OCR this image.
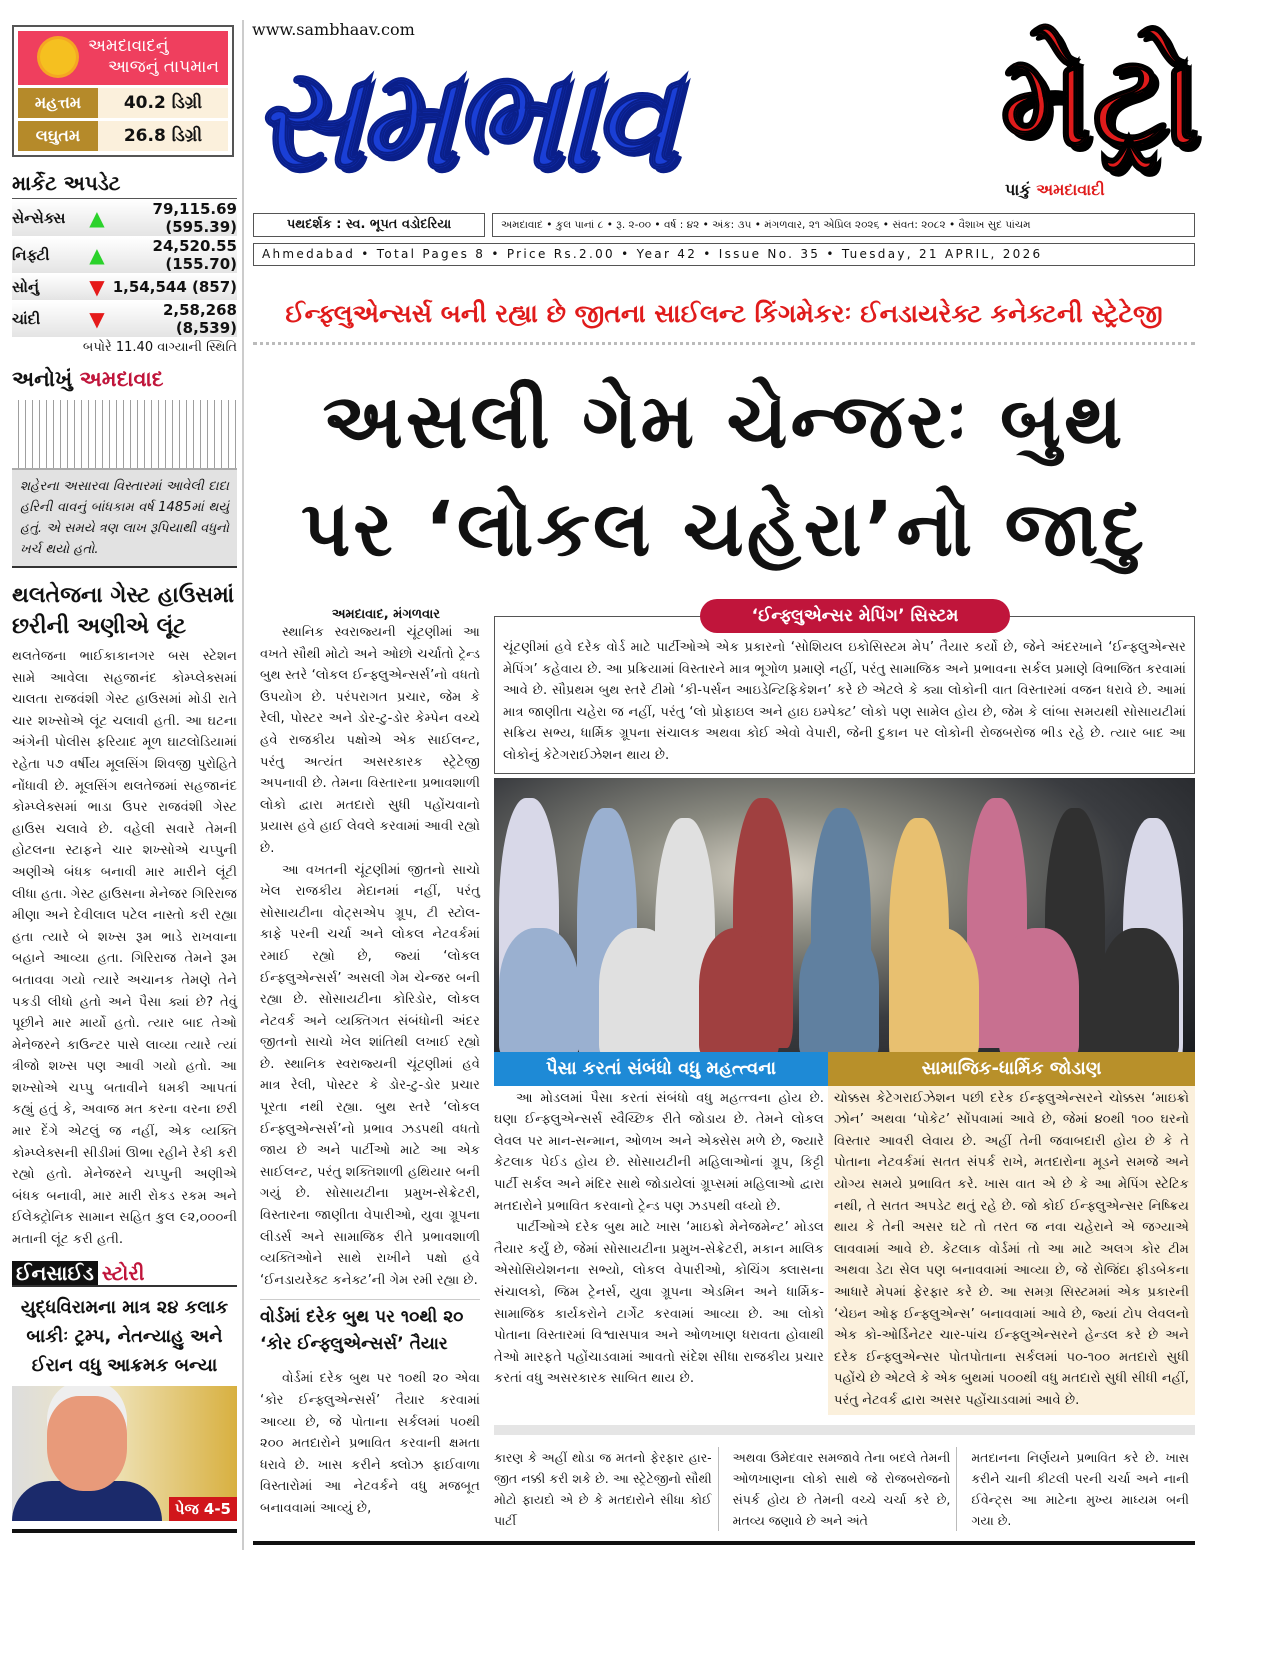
અમદાવાદનું
આજનું તાપમાન
મહત્તમ	40.2 ડિગ્રી
લઘુતમ	26.8 ડિગ્રી
માર્કેટ અપડેટ
સેન્સેક્સ	▲	79,115.69 (595.39)
નિફ્ટી	▲	24,520.55 (155.70)
સોનું	▼ 1,54,544 (857)
ચાંદી	▼	2,58,268 (8,539)
બપોરે 11.40 વાગ્યાની સ્થિતિ
અનોખું અમદાવાદ
શહેરના અસારવા વિસ્તારમાં આવેલી દાદા હરિની વાવનું બાંધકામ વર્ષ 1485માં થયું હતું. એ સમયે ત્રણ લાખ રૂપિયાથી વધુનો ખર્ચ થયો હતો.
થલતેજના ગેસ્ટ હાઉસમાં છરીની અણીએ લૂંટ

થલતેજના ભાઈકાકાનગર બસ સ્ટેશન સામે આવેલા સહજાનંદ કોમ્પ્લેક્સમાં ચાલતા રાજવંશી ગેસ્ટ હાઉસમાં મોડી રાતે ચાર શખ્સોએ લૂંટ ચલાવી હતી. આ ઘટના અંગેની પોલીસ ફરિયાદ મૂળ ઘાટલોડિયામાં રહેતા ૫૭ વર્ષીય મૂલસિંગ શિવજી પુરોહિતે નોંધાવી છે. મૂલસિંગ થલતેજમાં સહજાનંદ કોમ્પ્લેક્સમાં ભાડા ઉપર રાજવંશી ગેસ્ટ હાઉસ ચલાવે છે. વહેલી સવારે તેમની હોટલના સ્ટાફને ચાર શખ્સોએ ચપ્પુની અણીએ બંધક બનાવી માર મારીને લૂંટી લીધા હતા. ગેસ્ટ હાઉસના મેનેજર ગિરિરાજ મીણા અને દેવીલાલ પટેલ નાસ્તો કરી રહ્યા હતા ત્યારે બે શખ્સ રૂમ ભાડે રાખવાના બહાને આવ્યા હતા. ગિરિરાજ તેમને રૂમ બતાવવા ગયો ત્યારે અચાનક તેમણે તેને પકડી લીધો હતો અને પૈસા ક્યાં છે? તેવું પૂછીને માર માર્યો હતો. ત્યાર બાદ તેઓ મેનેજરને કાઉન્ટર પાસે લાવ્યા ત્યારે ત્યાં ત્રીજો શખ્સ પણ આવી ગયો હતો. આ શખ્સોએ ચપ્પુ બતાવીને ધમકી આપતાં કહ્યું હતું કે, અવાજ મત કરના વરના છરી માર દેંગે એટલું જ નહીં, એક વ્યક્તિ કોમ્પ્લેક્સની સીડીમાં ઊભા રહીને રેકી કરી રહ્યો હતો. મેનેજરને ચપ્પુની અણીએ બંધક બનાવી, માર મારી રોકડ રકમ અને ઈલેક્ટ્રોનિક સામાન સહિત કુલ ૯૨,૦૦૦ની મતાની લૂંટ કરી હતી.

ઈનસાઈડ સ્ટોરી
યુદ્ધવિરામના માત્ર ૨૪ કલાક બાકીઃ ટ્રમ્પ, નેતન્યાહુ અને ઈરાન વધુ આક્રમક બન્યા
પેજ 4-5
www.sambhaav.com
સમભાવ	મેટ્રો
પાકું અમદાવાદી
પથદર્શક : સ્વ. ભૂપત વડોદરિયા	અમદાવાદ • કુલ પાનાં ૮ • રૂ. ૨-૦૦ • વર્ષ : ૪૨ • અંક: ૩૫ • મંગળવાર, ૨૧ એપ્રિલ ૨૦૨૬ • સંવત: ૨૦૮૨ • વૈશાખ સુદ પાંચમ
Ahmedabad • Total Pages 8 • Price Rs.2.00 • Year 42 • Issue No. 35 • Tuesday, 21 APRIL, 2026
ઈન્ફ્લુએન્સર્સ બની રહ્યા છે જીતના સાઈલન્ટ કિંગમેકરઃ ઈનડાયરેક્ટ કનેક્ટની સ્ટ્રેટેજી
અસલી ગેમ ચેન્જરઃ બુથ
પર ‘લોકલ ચહેરા’નો જાદુ
અમદાવાદ, મંગળવાર

સ્થાનિક સ્વરાજ્યની ચૂંટણીમાં આ વખતે સૌથી મોટો અને ઓછો ચર્ચાતો ટ્રેન્ડ બુથ સ્તરે ‘લોકલ ઈન્ફ્લુએન્સર્સ’નો વધતો ઉપયોગ છે. પરંપરાગત પ્રચાર, જેમ કે રેલી, પોસ્ટર અને ડોર-ટુ-ડોર કેમ્પેન વચ્ચે હવે રાજકીય પક્ષોએ એક સાઈલન્ટ, પરંતુ અત્યંત અસરકારક સ્ટ્રેટેજી અપનાવી છે. તેમના વિસ્તારના પ્રભાવશાળી લોકો દ્વારા મતદારો સુધી પહોંચવાનો પ્રયાસ હવે હાઈ લેવલે કરવામાં આવી રહ્યો છે.

આ વખતની ચૂંટણીમાં જીતનો સાચો ખેલ રાજકીય મેદાનમાં નહીં, પરંતુ સોસાયટીના વોટ્સએપ ગ્રૂપ, ટી સ્ટોલ-કાફે પરની ચર્ચા અને લોકલ નેટવર્કમાં રમાઈ રહ્યો છે, જ્યાં ‘લોકલ ઈન્ફ્લુએન્સર્સ’ અસલી ગેમ ચેન્જર બની રહ્યા છે. સોસાયટીના કોરિડોર, લોકલ નેટવર્ક અને વ્યક્તિગત સંબંધોની અંદર જીતનો સાચો ખેલ શાંતિથી લખાઈ રહ્યો છે. સ્થાનિક સ્વરાજ્યની ચૂંટણીમાં હવે માત્ર રેલી, પોસ્ટર કે ડોર-ટુ-ડોર પ્રચાર પૂરતા નથી રહ્યા. બુથ સ્તરે ‘લોકલ ઈન્ફ્લુએન્સર્સ’નો પ્રભાવ ઝડપથી વધતો જાય છે અને પાર્ટીઓ માટે આ એક સાઈલન્ટ, પરંતુ શક્તિશાળી હથિયાર બની ગયું છે. સોસાયટીના પ્રમુખ-સેક્રેટરી, વિસ્તારના જાણીતા વેપારીઓ, યુવા ગ્રૂપના લીડર્સ અને સામાજિક રીતે પ્રભાવશાળી વ્યક્તિઓને સાથે રાખીને પક્ષો હવે ‘ઈનડાયરેક્ટ કનેક્ટ’ની ગેમ રમી રહ્યા છે.

વોર્ડમાં દરેક બુથ પર ૧૦થી ૨૦ ‘કોર ઈન્ફ્લુએન્સર્સ’ તૈયાર

વોર્ડમાં દરેક બુથ પર ૧૦થી ૨૦ એવા ‘કોર ઈન્ફ્લુએન્સર્સ’ તૈયાર કરવામાં આવ્યા છે, જે પોતાના સર્કલમાં ૫૦થી ૨૦૦ મતદારોને પ્રભાવિત કરવાની ક્ષમતા ધરાવે છે. ખાસ કરીને ક્લોઝ ફાઈવાળા વિસ્તારોમાં આ નેટવર્કને વધુ મજબૂત બનાવવામાં આવ્યું છે,

‘ઈન્ફ્લુએન્સર મેપિંગ’ સિસ્ટમ
ચૂંટણીમાં હવે દરેક વોર્ડ માટે પાર્ટીઓએ એક પ્રકારનો ‘સોશિયલ ઇકોસિસ્ટમ મેપ’ તૈયાર કર્યો છે, જેને અંદરખાને ‘ઈન્ફ્લુએન્સર મેપિંગ’ કહેવાય છે. આ પ્રક્રિયામાં વિસ્તારને માત્ર ભૂગોળ પ્રમાણે નહીં, પરંતુ સામાજિક અને પ્રભાવના સર્કલ પ્રમાણે વિભાજિત કરવામાં આવે છે. સૌપ્રથમ બુથ સ્તરે ટીમો ‘કી-પર્સન આઇડેન્ટિફિકેશન’ કરે છે એટલે કે ક્યા લોકોની વાત વિસ્તારમાં વજન ધરાવે છે. આમાં માત્ર જાણીતા ચહેરા જ નહીં, પરંતુ ‘લો પ્રોફાઇલ અને હાઇ ઇમ્પેક્ટ’ લોકો પણ સામેલ હોય છે, જેમ કે લાંબા સમયથી સોસાયટીમાં સક્રિય સભ્ય, ધાર્મિક ગ્રૂપના સંચાલક અથવા કોઈ એવો વેપારી, જેની દુકાન પર લોકોની રોજબરોજ ભીડ રહે છે. ત્યાર બાદ આ લોકોનું કેટેગરાઈઝેશન થાય છે.
પૈસા કરતાં સંબંધો વધુ મહત્ત્વના

આ મોડલમાં પૈસા કરતાં સંબંધો વધુ મહત્ત્વના હોય છે. ઘણા ઈન્ફ્લુએન્સર્સ સ્વૈચ્છિક રીતે જોડાય છે. તેમને લોકલ લેવલ પર માન-સન્માન, ઓળખ અને એક્સેસ મળે છે, જ્યારે કેટલાક પેઈડ હોય છે. સોસાયટીની મહિલાઓનાં ગ્રૂપ, કિટ્ટી પાર્ટી સર્કલ અને મંદિર સાથે જોડાયેલાં ગ્રૂપ્સમાં મહિલાઓ દ્વારા મતદારોને પ્રભાવિત કરવાનો ટ્રેન્ડ પણ ઝડપથી વધ્યો છે.

પાર્ટીઓએ દરેક બુથ માટે ખાસ ‘માઇક્રો મેનેજમેન્ટ’ મોડલ તૈયાર કર્યું છે, જેમાં સોસાયટીના પ્રમુખ-સેક્રેટરી, મકાન માલિક એસોસિયેશનના સભ્યો, લોકલ વેપારીઓ, કોચિંગ ક્લાસના સંચાલકો, જિમ ટ્રેનર્સ, યુવા ગ્રૂપના એડમિન અને ધાર્મિક-સામાજિક કાર્યકરોને ટાર્ગેટ કરવામાં આવ્યા છે. આ લોકો પોતાના વિસ્તારમાં વિશ્વાસપાત્ર અને ઓળખાણ ધરાવતા હોવાથી તેઓ મારફતે પહોંચાડવામાં આવતો સંદેશ સીધા રાજકીય પ્રચાર કરતાં વધુ અસરકારક સાબિત થાય છે.

સામાજિક-ધાર્મિક જોડાણ
ચોક્કસ કેટેગરાઈઝેશન પછી દરેક ઈન્ફ્લુએન્સરને ચોક્કસ ‘માઇક્રો ઝોન’ અથવા ‘પોકેટ’ સોંપવામાં આવે છે, જેમાં ૪૦થી ૧૦૦ ઘરનો વિસ્તાર આવરી લેવાય છે. અહીં તેની જવાબદારી હોય છે કે તે પોતાના નેટવર્કમાં સતત સંપર્ક રાખે, મતદારોના મૂડને સમજે અને યોગ્ય સમયે પ્રભાવિત કરે. ખાસ વાત એ છે કે આ મેપિંગ સ્ટેટિક નથી, તે સતત અપડેટ થતું રહે છે. જો કોઈ ઈન્ફ્લુએન્સર નિષ્ક્રિય થાય કે તેની અસર ઘટે તો તરત જ નવા ચહેરાને એ જગ્યાએ લાવવામાં આવે છે. કેટલાક વોર્ડમાં તો આ માટે અલગ કોર ટીમ અથવા ડેટા સેલ પણ બનાવવામાં આવ્યા છે, જે રોજિંદા ફીડબેકના આધારે મેપમાં ફેરફાર કરે છે. આ સમગ્ર સિસ્ટમમાં એક પ્રકારની ‘ચેઇન ઓફ ઈન્ફ્લુએન્સ’ બનાવવામાં આવે છે, જ્યાં ટોપ લેવલનો એક કો-ઓર્ડિનેટર ચાર-પાંચ ઈન્ફ્લુએન્સરને હેન્ડલ કરે છે અને દરેક ઈન્ફ્લુએન્સર પોતપોતાના સર્કલમાં ૫૦-૧૦૦ મતદારો સુધી પહોંચે છે એટલે કે એક બુથમાં ૫૦૦થી વધુ મતદારો સુધી સીધી નહીં, પરંતુ નેટવર્ક દ્વારા અસર પહોંચાડવામાં આવે છે.

કારણ કે અહીં થોડા જ મતનો ફેરફાર હાર-જીત નક્કી કરી શકે છે. આ સ્ટ્રેટેજીનો સૌથી મોટો ફાયદો એ છે કે મતદારોને સીધા કોઈ પાર્ટી

અથવા ઉમેદવાર સમજાવે તેના બદલે તેમની ઓળખાણના લોકો સાથે જે રોજબરોજનો સંપર્ક હોય છે તેમની વચ્ચે ચર્ચા કરે છે, મતવ્ય જણાવે છે અને અંતે

મતદાનના નિર્ણયને પ્રભાવિત કરે છે. ખાસ કરીને ચાની કીટલી પરની ચર્ચા અને નાની ઈવેન્ટ્સ આ માટેના મુખ્ય માધ્યમ બની ગયા છે.
